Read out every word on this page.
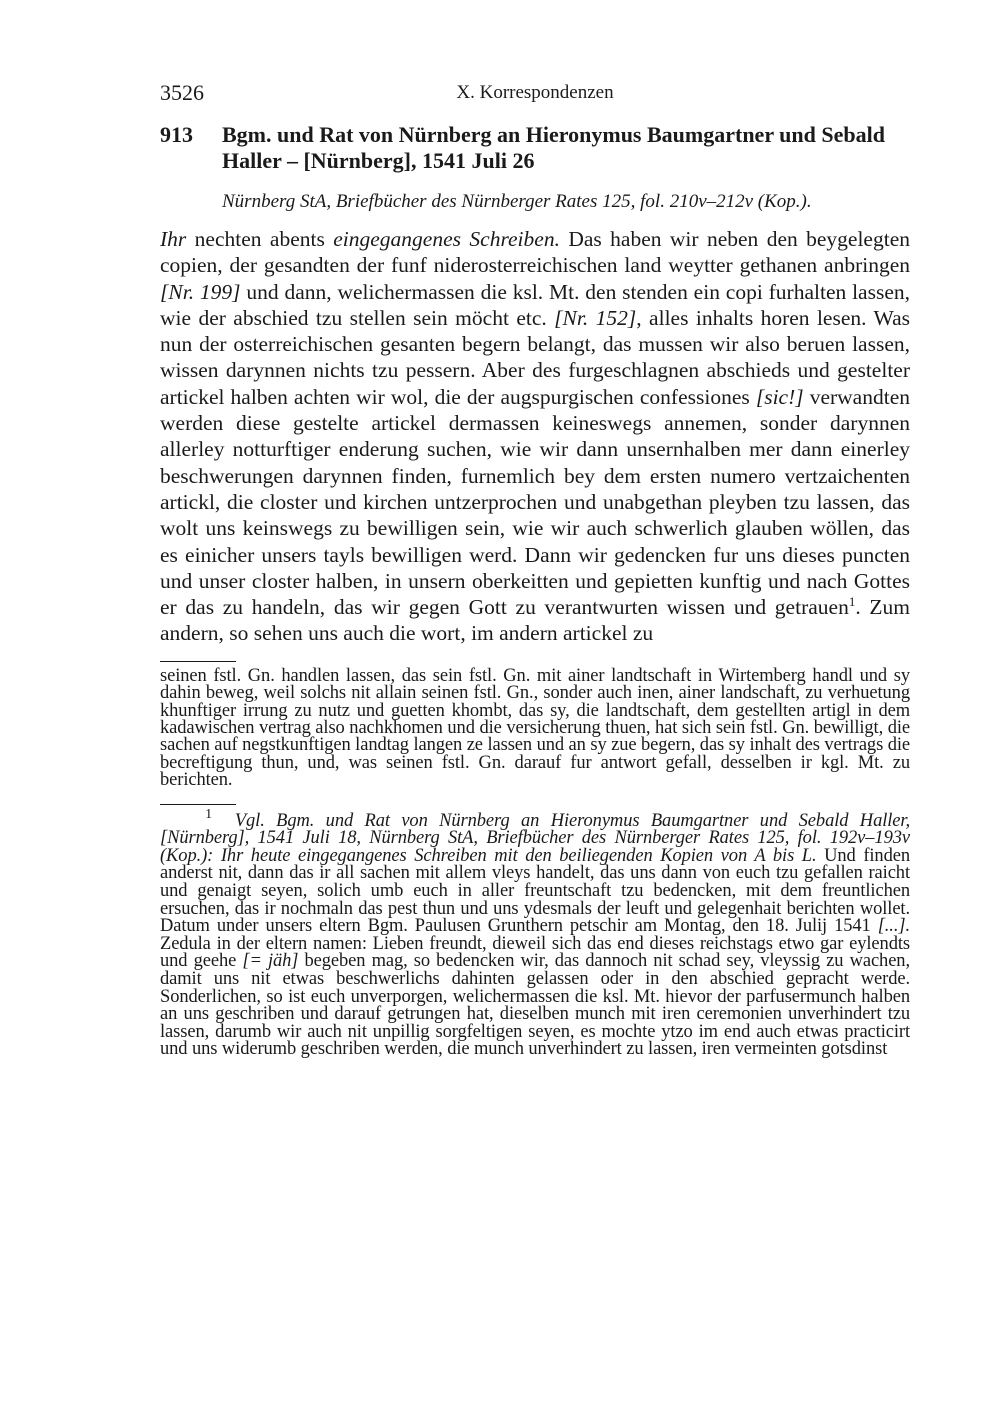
3526	X. Korrespondenzen
913	Bgm. und Rat von Nürnberg an Hieronymus Baumgartner und Sebald Haller – [Nürnberg], 1541 Juli 26
Nürnberg StA, Briefbücher des Nürnberger Rates 125, fol. 210v–212v (Kop.).
Ihr nechten abents eingegangenes Schreiben. Das haben wir neben den beygelegten copien, der gesandten der funf niderosterreichischen land weytter gethanen anbringen [Nr. 199] und dann, welichermassen die ksl. Mt. den stenden ein copi furhalten lassen, wie der abschied tzu stellen sein möcht etc. [Nr. 152], alles inhalts horen lesen. Was nun der osterreichischen gesanten begern belangt, das mussen wir also beruen lassen, wissen darynnen nichts tzu pessern. Aber des furgeschlagnen abschieds und gestelter artickel halben achten wir wol, die der augspurgischen confessiones [sic!] verwandten werden diese gestelte artickel dermassen keineswegs annemen, sonder darynnen allerley notturftiger enderung suchen, wie wir dann unsernhalben mer dann einerley beschwerungen darynnen finden, furnemlich bey dem ersten numero vertzaichenten artickl, die closter und kirchen untzerprochen und unabgethan pleyben tzu lassen, das wolt uns keinswegs zu bewilligen sein, wie wir auch schwerlich glauben wöllen, das es einicher unsers tayls bewilligen werd. Dann wir gedencken fur uns dieses puncten und unser closter halben, in unsern oberkeitten und gepietten kunftig und nach Gottes er das zu handeln, das wir gegen Gott zu verantwurten wissen und getrauen$^1$. Zum andern, so sehen uns auch die wort, im andern artickel zu
seinen fstl. Gn. handlen lassen, das sein fstl. Gn. mit ainer landtschaft in Wirtemberg handl und sy dahin beweg, weil solchs nit allain seinen fstl. Gn., sonder auch inen, ainer landschaft, zu verhuetung khunftiger irrung zu nutz und guetten khombt, das sy, die landtschaft, dem gestellten artigl in dem kadawischen vertrag also nachkhomen und die versicherung thuen, hat sich sein fstl. Gn. bewilligt, die sachen auf negstkunftigen landtag langen ze lassen und an sy zue begern, das sy inhalt des vertrags die becreftigung thun, und, was seinen fstl. Gn. darauf fur antwort gefall, desselben ir kgl. Mt. zu berichten.
1 Vgl. Bgm. und Rat von Nürnberg an Hieronymus Baumgartner und Sebald Haller, [Nürnberg], 1541 Juli 18, Nürnberg StA, Briefbücher des Nürnberger Rates 125, fol. 192v–193v (Kop.): Ihr heute eingegangenes Schreiben mit den beiliegenden Kopien von A bis L. Und finden anderst nit, dann das ir all sachen mit allem vleys handelt, das uns dann von euch tzu gefallen raicht und genaigt seyen, solich umb euch in aller freuntschaft tzu bedencken, mit dem freuntlichen ersuchen, das ir nochmaln das pest thun und uns ydesmals der leuft und gelegenhait berichten wollet. Datum under unsers eltern Bgm. Paulusen Grunthern petschir am Montag, den 18. Julij 1541 [...]. Zedula in der eltern namen: Lieben freundt, dieweil sich das end dieses reichstags etwo gar eylendts und geehe [= jäh] begeben mag, so bedencken wir, das dannoch nit schad sey, vleyssig zu wachen, damit uns nit etwas beschwerlichs dahinten gelassen oder in den abschied gepracht werde. Sonderlichen, so ist euch unverporgen, welichermassen die ksl. Mt. hievor der parfusermunch halben an uns geschriben und darauf getrungen hat, dieselben munch mit iren ceremonien unverhindert tzu lassen, darumb wir auch nit unpillig sorgfeltigen seyen, es mochte ytzo im end auch etwas practicirt und uns widerumb geschriben werden, die munch unverhindert zu lassen, iren vermeinten gotsdinst
